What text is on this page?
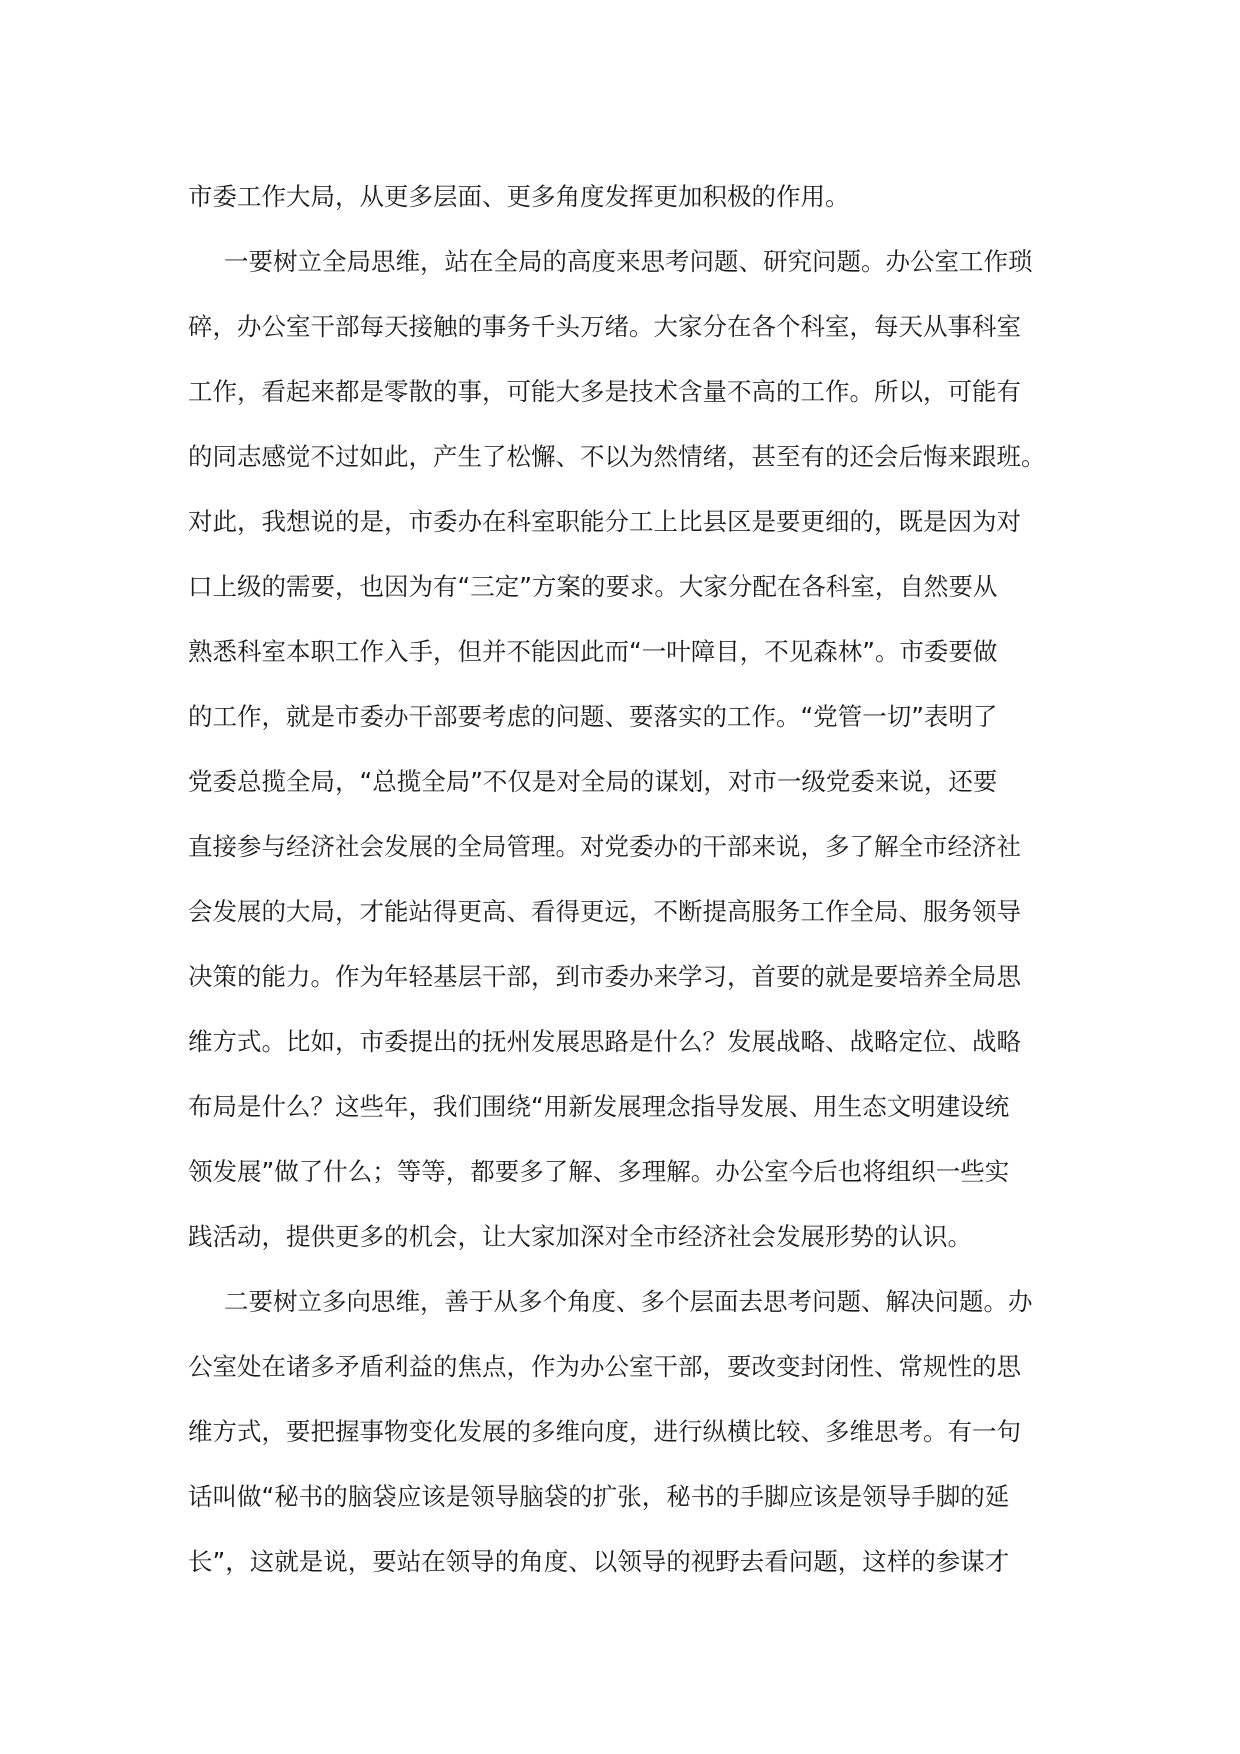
市委工作大局，从更多层面、更多角度发挥更加积极的作用。
一要树立全局思维，站在全局的高度来思考问题、研究问题。办公室工作琐
碎，办公室干部每天接触的事务千头万绪。大家分在各个科室，每天从事科室
工作，看起来都是零散的事，可能大多是技术含量不高的工作。所以，可能有
的同志感觉不过如此，产生了松懈、不以为然情绪，甚至有的还会后悔来跟班。
对此，我想说的是，市委办在科室职能分工上比县区是要更细的，既是因为对
口上级的需要，也因为有“三定”方案的要求。大家分配在各科室，自然要从
熟悉科室本职工作入手，但并不能因此而“一叶障目，不见森林”。市委要做
的工作，就是市委办干部要考虑的问题、要落实的工作。“党管一切”表明了
党委总揽全局，“总揽全局”不仅是对全局的谋划，对市一级党委来说，还要
直接参与经济社会发展的全局管理。对党委办的干部来说，多了解全市经济社
会发展的大局，才能站得更高、看得更远，不断提高服务工作全局、服务领导
决策的能力。作为年轻基层干部，到市委办来学习，首要的就是要培养全局思
维方式。比如，市委提出的抚州发展思路是什么？发展战略、战略定位、战略
布局是什么？这些年，我们围绕“用新发展理念指导发展、用生态文明建设统
领发展”做了什么；等等，都要多了解、多理解。办公室今后也将组织一些实
践活动，提供更多的机会，让大家加深对全市经济社会发展形势的认识。
二要树立多向思维，善于从多个角度、多个层面去思考问题、解决问题。办
公室处在诸多矛盾利益的焦点，作为办公室干部，要改变封闭性、常规性的思
维方式，要把握事物变化发展的多维向度，进行纵横比较、多维思考。有一句
话叫做“秘书的脑袋应该是领导脑袋的扩张，秘书的手脚应该是领导手脚的延
长”，这就是说，要站在领导的角度、以领导的视野去看问题，这样的参谋才
